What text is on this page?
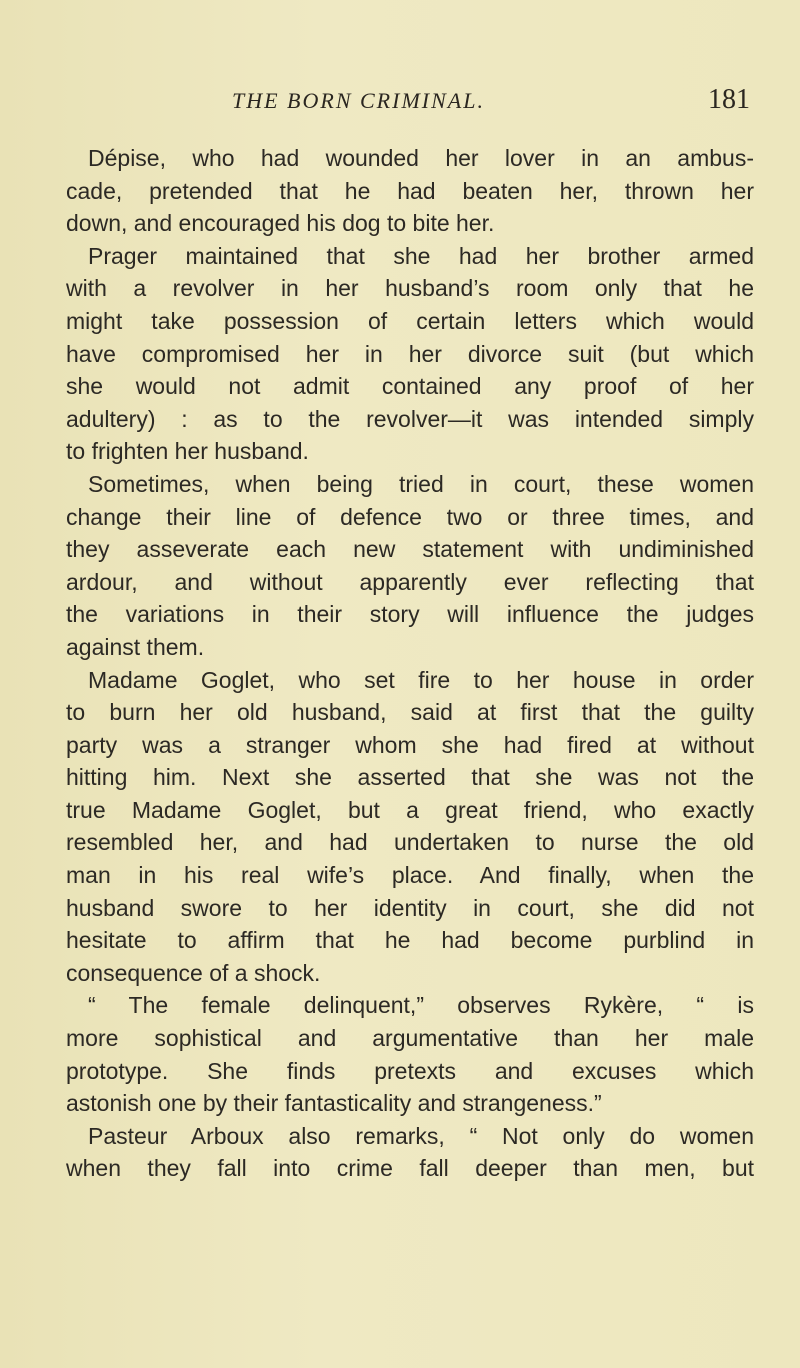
THE BORN CRIMINAL.	181

Dépise, who had wounded her lover in an ambus-
cade, pretended that he had beaten her, thrown her
down, and encouraged his dog to bite her.

Prager maintained that she had her brother armed
with a revolver in her husband’s room only that he
might take possession of certain letters which would
have compromised her in her divorce suit (but which
she would not admit contained any proof of her
adultery) : as to the revolver—it was intended simply
to frighten her husband.

Sometimes, when being tried in court, these women
change their line of defence two or three times, and
they asseverate each new statement with undiminished
ardour, and without apparently ever reflecting that
the variations in their story will influence the judges
against them.

Madame Goglet, who set fire to her house in order
to burn her old husband, said at first that the guilty
party was a stranger whom she had fired at without
hitting him. Next she asserted that she was not the
true Madame Goglet, but a great friend, who exactly
resembled her, and had undertaken to nurse the old
man in his real wife’s place. And finally, when the
husband swore to her identity in court, she did not
hesitate to affirm that he had become purblind in
consequence of a shock.

“ The female delinquent,” observes Rykère, “ is
more sophistical and argumentative than her male
prototype. She finds pretexts and excuses which
astonish one by their fantasticality and strangeness.”

Pasteur Arboux also remarks, “ Not only do women
when they fall into crime fall deeper than men, but
